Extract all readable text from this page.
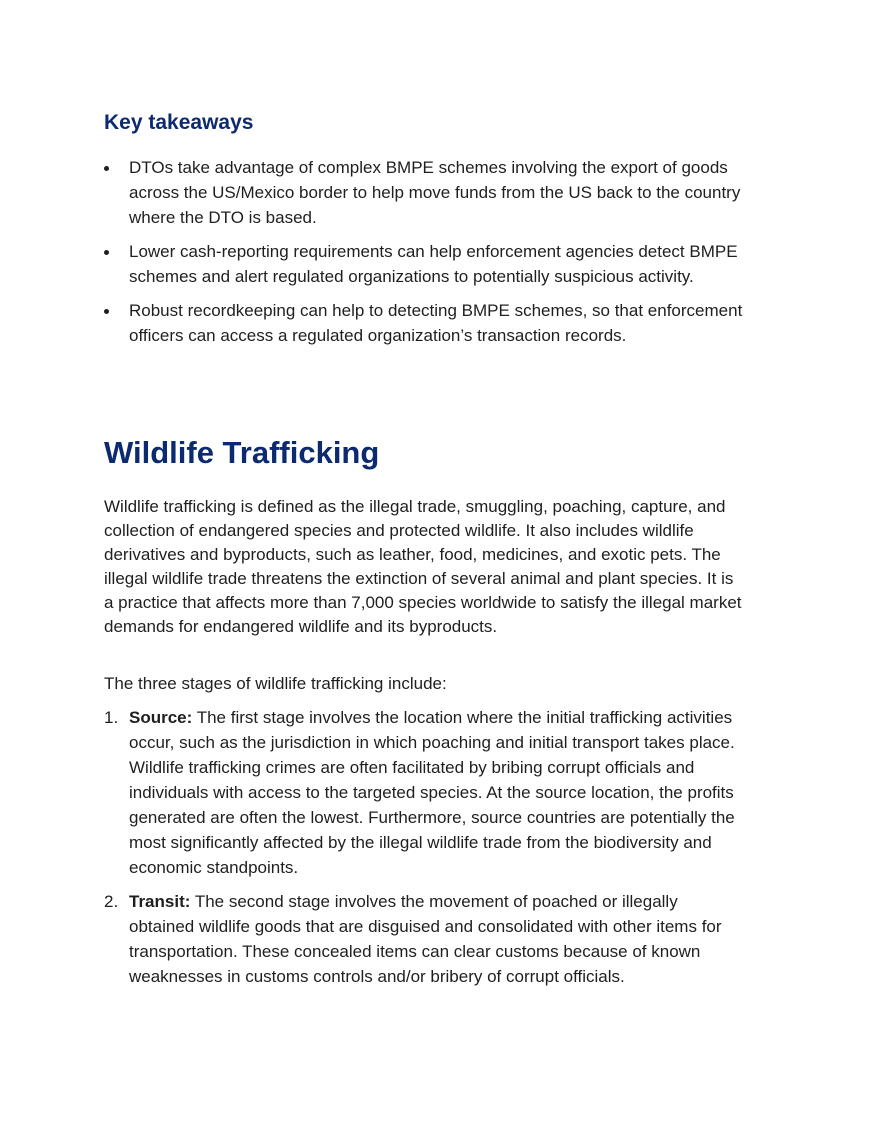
Key takeaways
DTOs take advantage of complex BMPE schemes involving the export of goods across the US/Mexico border to help move funds from the US back to the country where the DTO is based.
Lower cash-reporting requirements can help enforcement agencies detect BMPE schemes and alert regulated organizations to potentially suspicious activity.
Robust recordkeeping can help to detecting BMPE schemes, so that enforcement officers can access a regulated organization’s transaction records.
Wildlife Trafficking

Wildlife trafficking is defined as the illegal trade, smuggling, poaching, capture, and collection of endangered species and protected wildlife. It also includes wildlife derivatives and byproducts, such as leather, food, medicines, and exotic pets. The illegal wildlife trade threatens the extinction of several animal and plant species. It is a practice that affects more than 7,000 species worldwide to satisfy the illegal market demands for endangered wildlife and its byproducts.

The three stages of wildlife trafficking include:

1. Source: The first stage involves the location where the initial trafficking activities occur, such as the jurisdiction in which poaching and initial transport takes place. Wildlife trafficking crimes are often facilitated by bribing corrupt officials and individuals with access to the targeted species. At the source location, the profits generated are often the lowest. Furthermore, source countries are potentially the most significantly affected by the illegal wildlife trade from the biodiversity and economic standpoints.
2. Transit: The second stage involves the movement of poached or illegally obtained wildlife goods that are disguised and consolidated with other items for transportation. These concealed items can clear customs because of known weaknesses in customs controls and/or bribery of corrupt officials.
